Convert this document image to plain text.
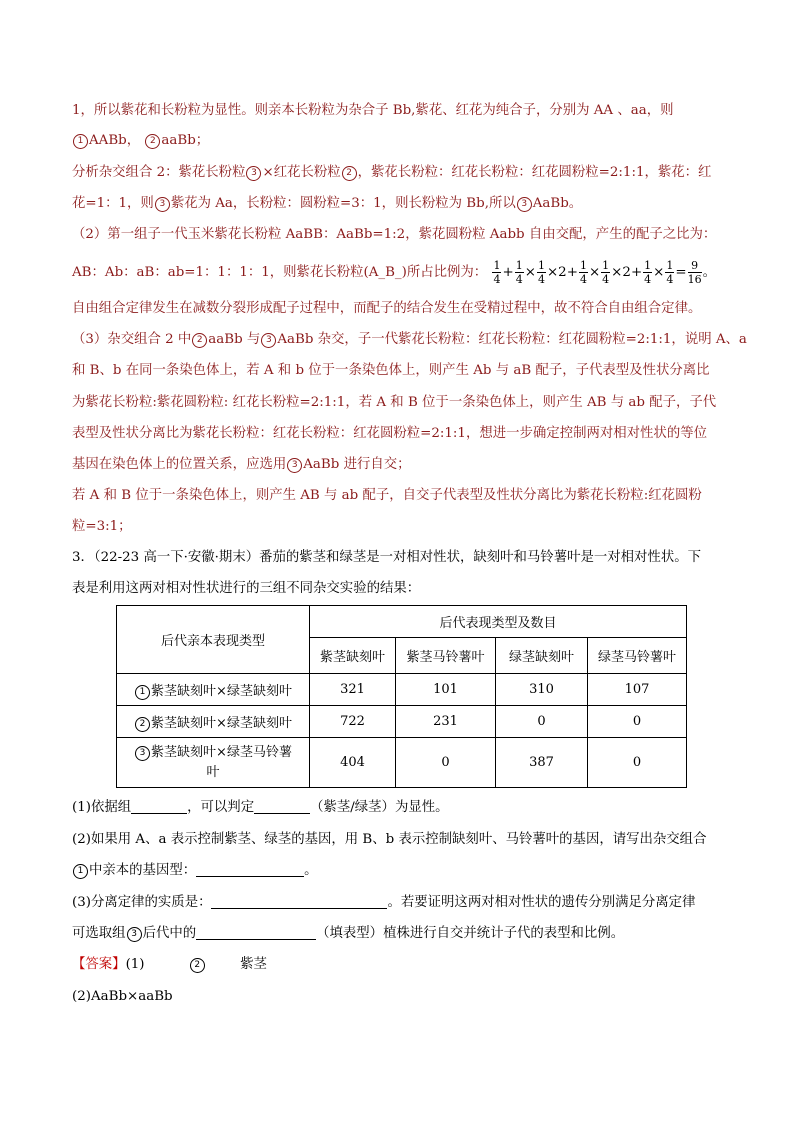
1，所以紫花和长粉粒为显性。则亲本长粉粒为杂合子 Bb,紫花、红花为纯合子，分别为 AA 、aa，则
1 AABb， 2 aaBb；
分析杂交组合 2：紫花长粉粒 3 ×红花长粉粒 2 ，紫花长粉粒：红花长粉粒：红花圆粉粒=2:1:1，紫花：红
花=1：1，则 3 紫花为 Aa，长粉粒：圆粉粒=3：1，则长粉粒为 Bb,所以 3 AaBb。
（2）第一组子一代玉米紫花长粉粒 AaBB：AaBb=1:2，紫花圆粉粒 Aabb 自由交配，产生的配子之比为：
AB：Ab：aB：ab=1：1：1：1，则紫花长粉粒(A_B_)所占比例为： $\frac{1}{4} + \frac{1}{4} \times \frac{1}{4} \times 2+ \frac{1}{4} \times \frac{1}{4} \times 2+ \frac{1}{4} \times \frac{1}{4} = \frac{9}{16}$ 。
自由组合定律发生在减数分裂形成配子过程中，而配子的结合发生在受精过程中，故不符合自由组合定律。
（3）杂交组合 2 中 2 aaBb 与 3 AaBb 杂交，子一代紫花长粉粒：红花长粉粒：红花圆粉粒=2:1:1，说明 A、a
和 B、b 在同一条染色体上，若 A 和 b 位于一条染色体上，则产生 Ab 与 aB 配子，子代表型及性状分离比
为紫花长粉粒:紫花圆粉粒: 红花长粉粒=2:1:1，若 A 和 B 位于一条染色体上，则产生 AB 与 ab 配子，子代
表型及性状分离比为紫花长粉粒：红花长粉粒：红花圆粉粒=2:1:1，想进一步确定控制两对相对性状的等位
基因在染色体上的位置关系，应选用 3 AaBb 进行自交；
若 A 和 B 位于一条染色体上，则产生 AB 与 ab 配子，自交子代表型及性状分离比为紫花长粉粒:红花圆粉
粒=3:1；
3．（22-23 高一下·安徽·期末）番茄的紫茎和绿茎是一对相对性状，缺刻叶和马铃薯叶是一对相对性状。下
表是利用这两对相对性状进行的三组不同杂交实验的结果：
后代亲本表现类型	后代表现类型及数目			
	紫茎缺刻叶	紫茎马铃薯叶	绿茎缺刻叶	绿茎马铃薯叶
1 紫茎缺刻叶×绿茎缺刻叶	321	101	310	107
2 紫茎缺刻叶×绿茎缺刻叶	722	231	0	0
3 紫茎缺刻叶×绿茎马铃薯
叶	404	0	387	0
(1)依据组	，可以判定	（紫茎/绿茎）为显性。
(2)如果用 A、a 表示控制紫茎、绿茎的基因，用 B、b 表示控制缺刻叶、马铃薯叶的基因，请写出杂交组合
1 中亲本的基因型：	。
(3)分离定律的实质是：	。若要证明这两对相对性状的遗传分别满足分离定律
可选取组 3 后代中的	（填表型）植株进行自交并统计子代的表型和比例。
【答案】(1)	2	紫茎
(2)AaBb×aaBb
